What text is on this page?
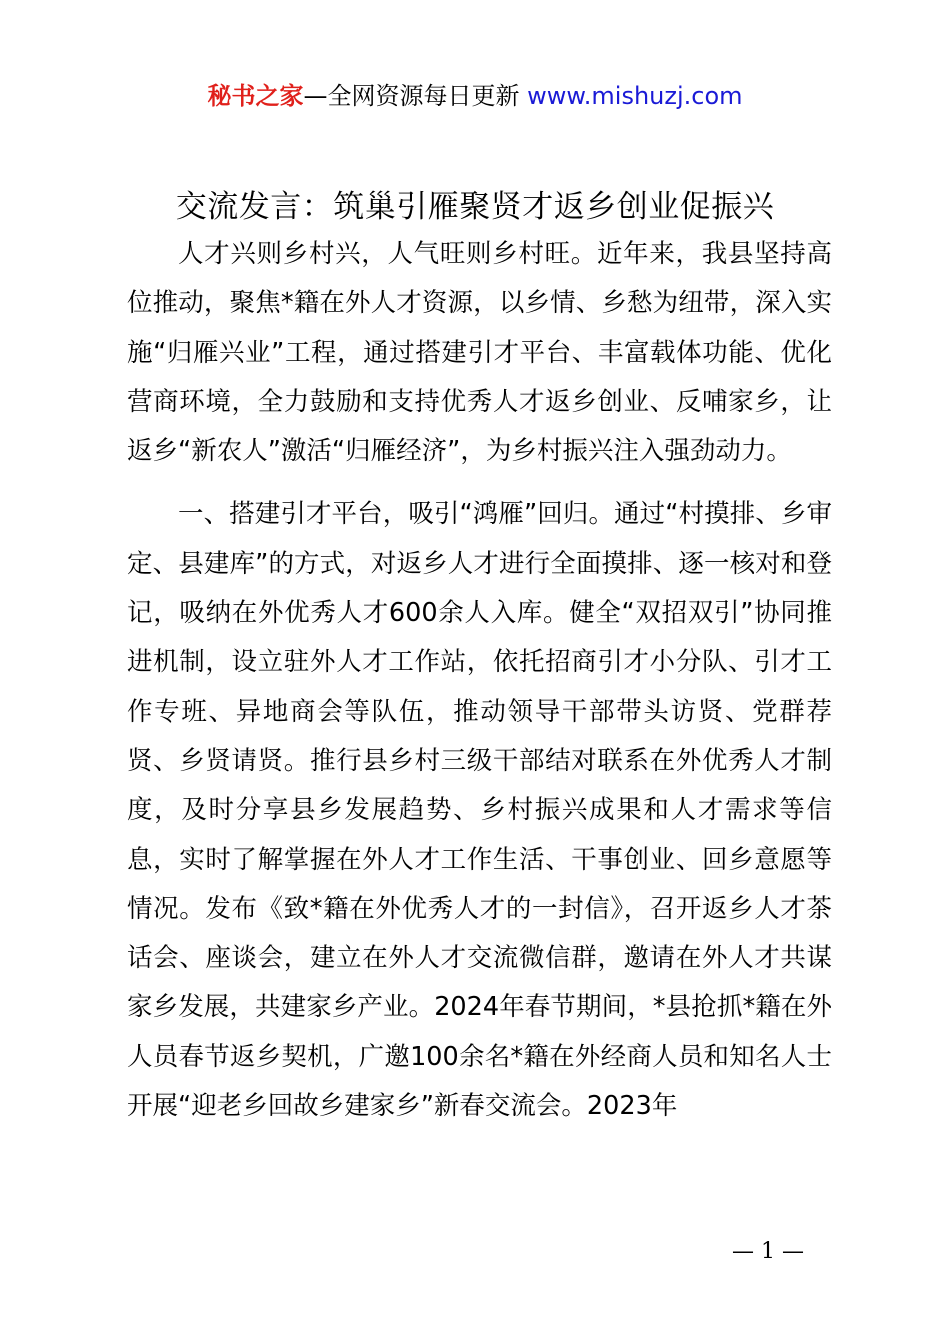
秘书之家—全网资源每日更新 www.mishuzj.com
交流发言：筑巢引雁聚贤才返乡创业促振兴

人才兴则乡村兴，人气旺则乡村旺。近年来，我县坚持高位推动，聚焦*籍在外人才资源，以乡情、乡愁为纽带，深入实施“归雁兴业”工程，通过搭建引才平台、丰富载体功能、优化营商环境，全力鼓励和支持优秀人才返乡创业、反哺家乡，让返乡“新农人”激活“归雁经济”，为乡村振兴注入强劲动力。

一、搭建引才平台，吸引“鸿雁”回归。通过“村摸排、乡审定、县建库”的方式，对返乡人才进行全面摸排、逐一核对和登记，吸纳在外优秀人才600余人入库。健全“双招双引”协同推进机制，设立驻外人才工作站，依托招商引才小分队、引才工作专班、异地商会等队伍，推动领导干部带头访贤、党群荐贤、乡贤请贤。推行县乡村三级干部结对联系在外优秀人才制度，及时分享县乡发展趋势、乡村振兴成果和人才需求等信息，实时了解掌握在外人才工作生活、干事创业、回乡意愿等情况。发布《致*籍在外优秀人才的一封信》，召开返乡人才茶话会、座谈会，建立在外人才交流微信群，邀请在外人才共谋家乡发展，共建家乡产业。2024年春节期间，*县抢抓*籍在外人员春节返乡契机，广邀100余名*籍在外经商人员和知名人士开展“迎老乡回故乡建家乡”新春交流会。2023年

— 1 —
